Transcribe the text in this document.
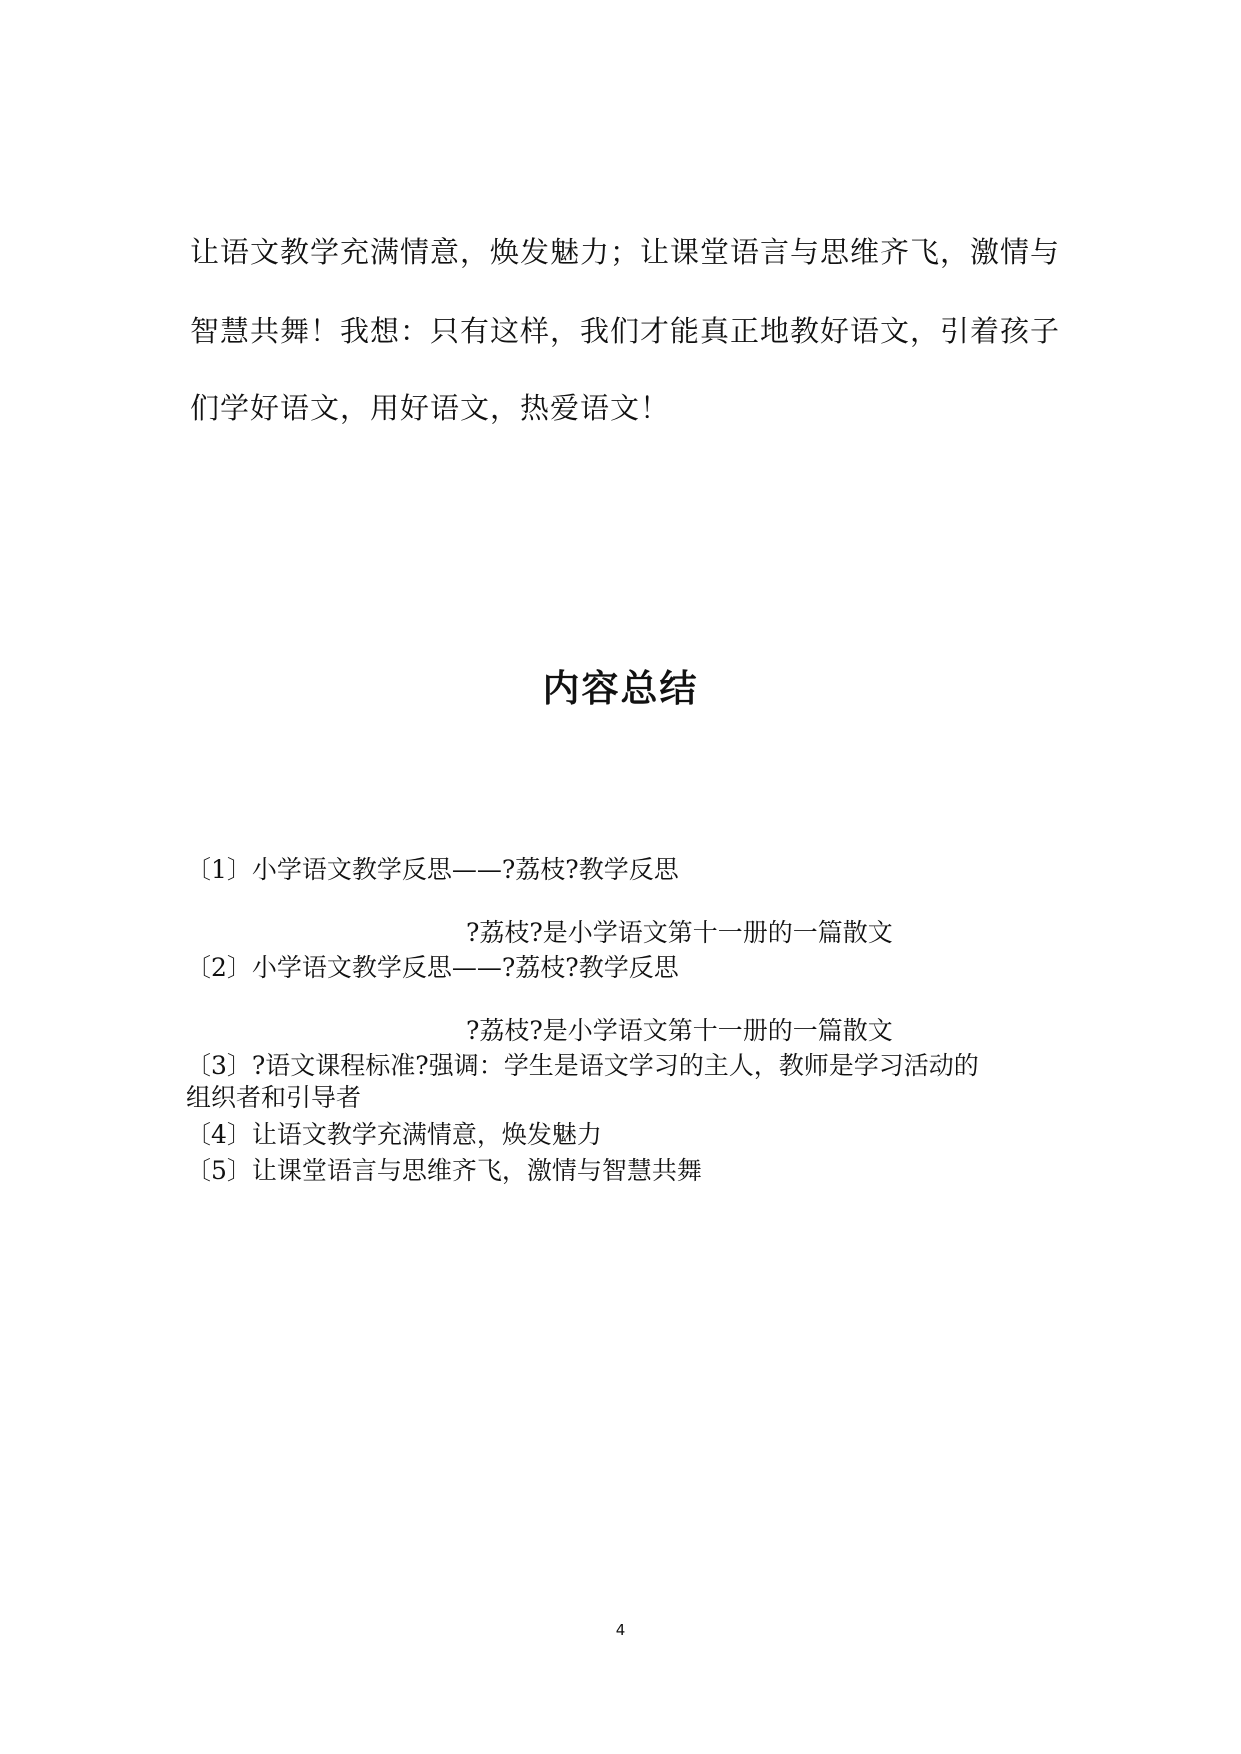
让语文教学充满情意，焕发魅力；让课堂语言与思维齐飞，激情与
智慧共舞！我想：只有这样，我们才能真正地教好语文，引着孩子
们学好语文，用好语文，热爱语文！
内容总结
〔1〕小学语文教学反思——?荔枝?教学反思
?荔枝?是小学语文第十一册的一篇散文
〔2〕小学语文教学反思——?荔枝?教学反思
?荔枝?是小学语文第十一册的一篇散文
〔3〕?语文课程标准?强调：学生是语文学习的主人，教师是学习活动的
组织者和引导者
〔4〕让语文教学充满情意，焕发魅力
〔5〕让课堂语言与思维齐飞，激情与智慧共舞
4
